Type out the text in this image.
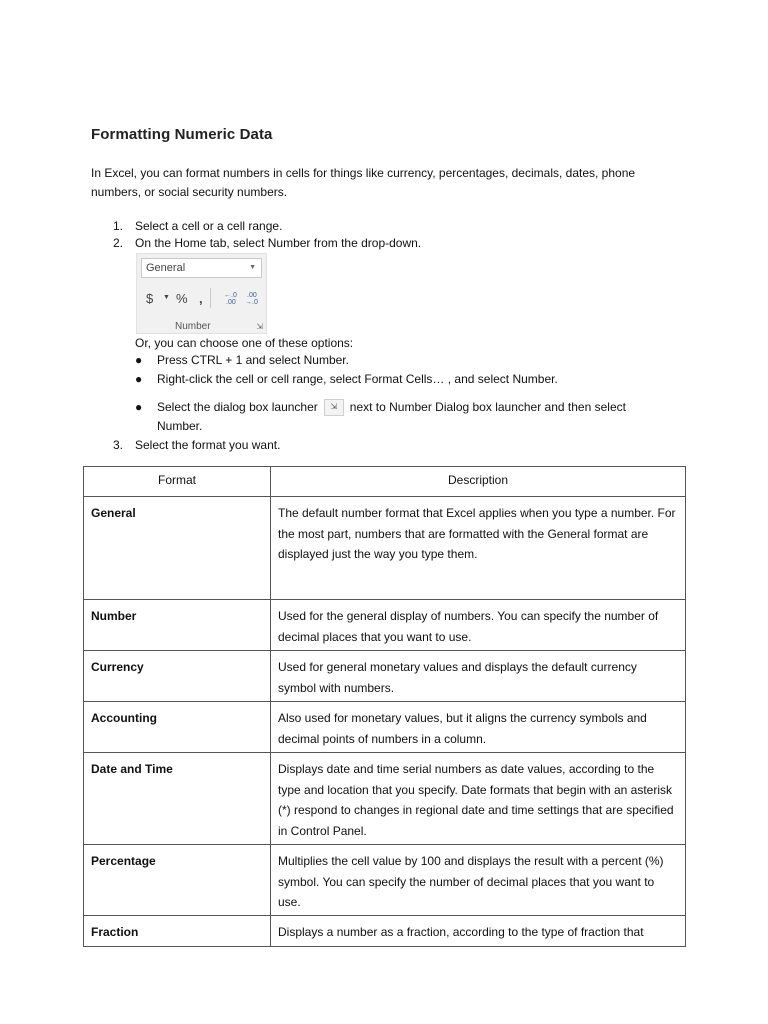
Formatting Numeric Data

In Excel, you can format numbers in cells for things like currency, percentages, decimals, dates, phone numbers, or social security numbers.

1. Select a cell or a cell range.
2. On the Home tab, select Number from the drop-down.
General	▼
$ ▼ % ,	←.0
.00
.00
→.0
Number	⇲
Or, you can choose one of these options:
● Press CTRL + 1 and select Number.
● Right-click the cell or cell range, select Format Cells… , and select Number.
● Select the dialog box launcher ⇲ next to Number Dialog box launcher and then select
Number.
3. Select the format you want.
Format	Description
General	The default number format that Excel applies when you type a number. For the most part, numbers that are formatted with the General format are displayed just the way you type them.
Number	Used for the general display of numbers. You can specify the number of decimal places that you want to use.
Currency	Used for general monetary values and displays the default currency symbol with numbers.
Accounting	Also used for monetary values, but it aligns the currency symbols and decimal points of numbers in a column.
Date and Time	Displays date and time serial numbers as date values, according to the type and location that you specify. Date formats that begin with an asterisk (*) respond to changes in regional date and time settings that are specified in Control Panel.
Percentage	Multiplies the cell value by 100 and displays the result with a percent (%) symbol. You can specify the number of decimal places that you want to use.
Fraction	Displays a number as a fraction, according to the type of fraction that
